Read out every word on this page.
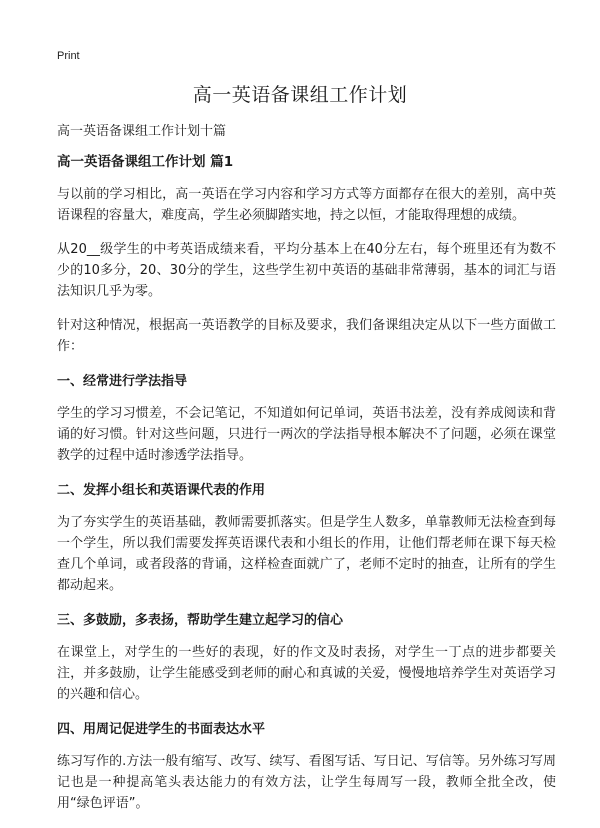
Print
高一英语备课组工作计划
高一英语备课组工作计划十篇
高一英语备课组工作计划 篇1

与以前的学习相比，高一英语在学习内容和学习方式等方面都存在很大的差别，高中英语课程的容量大，难度高，学生必须脚踏实地，持之以恒，才能取得理想的成绩。

从20__级学生的中考英语成绩来看，平均分基本上在40分左右，每个班里还有为数不少的10多分，20、30分的学生，这些学生初中英语的基础非常薄弱，基本的词汇与语法知识几乎为零。

针对这种情况，根据高一英语教学的目标及要求，我们备课组决定从以下一些方面做工作：

一、经常进行学法指导

学生的学习习惯差，不会记笔记，不知道如何记单词，英语书法差，没有养成阅读和背诵的好习惯。针对这些问题，只进行一两次的学法指导根本解决不了问题，必须在课堂教学的过程中适时渗透学法指导。

二、发挥小组长和英语课代表的作用

为了夯实学生的英语基础，教师需要抓落实。但是学生人数多，单靠教师无法检查到每一个学生，所以我们需要发挥英语课代表和小组长的作用，让他们帮老师在课下每天检查几个单词，或者段落的背诵，这样检查面就广了，老师不定时的抽查，让所有的学生都动起来。

三、多鼓励，多表扬，帮助学生建立起学习的信心

在课堂上，对学生的一些好的表现，好的作文及时表扬，对学生一丁点的进步都要关注，并多鼓励，让学生能感受到老师的耐心和真诚的关爱，慢慢地培养学生对英语学习的兴趣和信心。

四、用周记促进学生的书面表达水平

练习写作的.方法一般有缩写、改写、续写、看图写话、写日记、写信等。另外练习写周记也是一种提高笔头表达能力的有效方法，让学生每周写一段，教师全批全改，使用“绿色评语”。
